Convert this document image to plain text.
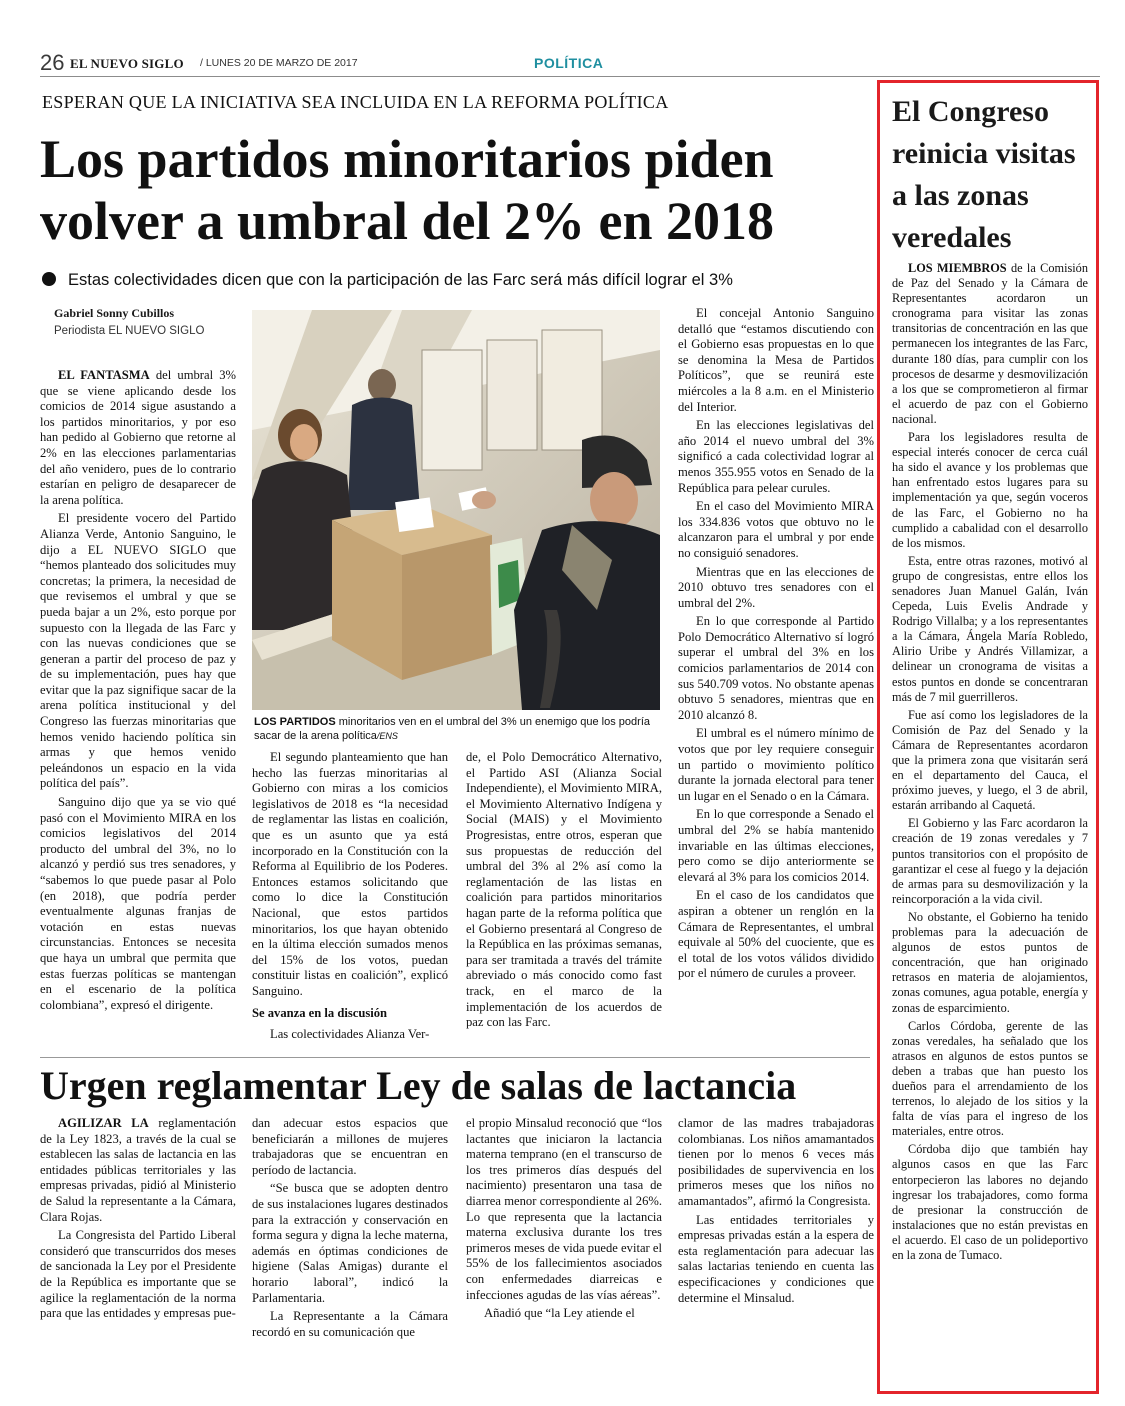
26 EL NUEVO SIGLO / LUNES 20 DE MARZO DE 2017	POLÍTICA
ESPERAN QUE LA INICIATIVA SEA INCLUIDA EN LA REFORMA POLÍTICA
Los partidos minoritarios piden
volver a umbral del 2% en 2018
Estas colectividades dicen que con la participación de las Farc será más difícil lograr el 3%
Gabriel Sonny Cubillos
Periodista EL NUEVO SIGLO

EL FANTASMA del umbral 3% que se viene aplicando desde los comicios de 2014 sigue asustando a los partidos minoritarios, y por eso han pedido al Gobierno que retorne al 2% en las elecciones parlamentarias del año venidero, pues de lo contrario estarían en peligro de desaparecer de la arena política.

El presidente vocero del Partido Alianza Verde, Antonio Sanguino, le dijo a EL NUEVO SIGLO que “hemos planteado dos solicitudes muy concretas; la primera, la necesidad de que revisemos el umbral y que se pueda bajar a un 2%, esto porque por supuesto con la llegada de las Farc y con las nuevas condiciones que se generan a partir del proceso de paz y de su implementación, pues hay que evitar que la paz signifique sacar de la arena política institucional y del Congreso las fuerzas minoritarias que hemos venido haciendo política sin armas y que hemos venido peleándonos un espacio en la vida política del país”.

Sanguino dijo que ya se vio qué pasó con el Movimiento MIRA en los comicios legislativos del 2014 producto del umbral del 3%, no lo alcanzó y perdió sus tres senadores, y “sabemos lo que puede pasar al Polo (en 2018), que podría perder eventualmente algunas franjas de votación en estas nuevas circunstancias. Entonces se necesita que haya un umbral que permita que estas fuerzas políticas se mantengan en el escenario de la política colombiana”, expresó el dirigente.

LOS PARTIDOS minoritarios ven en el umbral del 3% un enemigo que los podría sacar de la arena política/ENS

El segundo planteamiento que han hecho las fuerzas minoritarias al Gobierno con miras a los comicios legislativos de 2018 es “la necesidad de reglamentar las listas en coalición, que es un asunto que ya está incorporado en la Constitución con la Reforma al Equilibrio de los Poderes. Entonces estamos solicitando que como lo dice la Constitución Nacional, que estos partidos minoritarios, los que hayan obtenido en la última elección sumados menos del 15% de los votos, puedan constituir listas en coalición”, explicó Sanguino.

Se avanza en la discusión

Las colectividades Alianza Ver-

de, el Polo Democrático Alternativo, el Partido ASI (Alianza Social Independiente), el Movimiento MIRA, el Movimiento Alternativo Indígena y Social (MAIS) y el Movimiento Progresistas, entre otros, esperan que sus propuestas de reducción del umbral del 3% al 2% así como la reglamentación de las listas en coalición para partidos minoritarios hagan parte de la reforma política que el Gobierno presentará al Congreso de la República en las próximas semanas, para ser tramitada a través del trámite abreviado o más conocido como fast track, en el marco de la implementación de los acuerdos de paz con las Farc.

El concejal Antonio Sanguino detalló que “estamos discutiendo con el Gobierno esas propuestas en lo que se denomina la Mesa de Partidos Políticos”, que se reunirá este miércoles a la 8 a.m. en el Ministerio del Interior.

En las elecciones legislativas del año 2014 el nuevo umbral del 3% significó a cada colectividad lograr al menos 355.955 votos en Senado de la República para pelear curules.

En el caso del Movimiento MIRA los 334.836 votos que obtuvo no le alcanzaron para el umbral y por ende no consiguió senadores.

Mientras que en las elecciones de 2010 obtuvo tres senadores con el umbral del 2%.

En lo que corresponde al Partido Polo Democrático Alternativo sí logró superar el umbral del 3% en los comicios parlamentarios de 2014 con sus 540.709 votos. No obstante apenas obtuvo 5 senadores, mientras que en 2010 alcanzó 8.

El umbral es el número mínimo de votos que por ley requiere conseguir un partido o movimiento político durante la jornada electoral para tener un lugar en el Senado o en la Cámara.

En lo que corresponde a Senado el umbral del 2% se había mantenido invariable en las últimas elecciones, pero como se dijo anteriormente se elevará al 3% para los comicios 2014.

En el caso de los candidatos que aspiran a obtener un renglón en la Cámara de Representantes, el umbral equivale al 50% del cuociente, que es el total de los votos válidos dividido por el número de curules a proveer.

Urgen reglamentar Ley de salas de lactancia

AGILIZAR LA reglamentación de la Ley 1823, a través de la cual se establecen las salas de lactancia en las entidades públicas territoriales y las empresas privadas, pidió al Ministerio de Salud la representante a la Cámara, Clara Rojas.

La Congresista del Partido Liberal consideró que transcurridos dos meses de sancionada la Ley por el Presidente de la República es importante que se agilice la reglamentación de la norma para que las entidades y empresas pue-

dan adecuar estos espacios que beneficiarán a millones de mujeres trabajadoras que se encuentran en período de lactancia.

“Se busca que se adopten dentro de sus instalaciones lugares destinados para la extracción y conservación en forma segura y digna la leche materna, además en óptimas condiciones de higiene (Salas Amigas) durante el horario laboral”, indicó la Parlamentaria.

La Representante a la Cámara recordó en su comunicación que

el propio Minsalud reconoció que “los lactantes que iniciaron la lactancia materna temprano (en el transcurso de los tres primeros días después del nacimiento) presentaron una tasa de diarrea menor correspondiente al 26%. Lo que representa que la lactancia materna exclusiva durante los tres primeros meses de vida puede evitar el 55% de los fallecimientos asociados con enfermedades diarreicas e infecciones agudas de las vías aéreas”.

Añadió que “la Ley atiende el

clamor de las madres trabajadoras colombianas. Los niños amamantados tienen por lo menos 6 veces más posibilidades de supervivencia en los primeros meses que los niños no amamantados”, afirmó la Congresista.

Las entidades territoriales y empresas privadas están a la espera de esta reglamentación para adecuar las salas lactarias teniendo en cuenta las especificaciones y condiciones que determine el Minsalud.

El Congreso
reinicia visitas
a las zonas
veredales

LOS MIEMBROS de la Comisión de Paz del Senado y la Cámara de Representantes acordaron un cronograma para visitar las zonas transitorias de concentración en las que permanecen los integrantes de las Farc, durante 180 días, para cumplir con los procesos de desarme y desmovilización a los que se comprometieron al firmar el acuerdo de paz con el Gobierno nacional.

Para los legisladores resulta de especial interés conocer de cerca cuál ha sido el avance y los problemas que han enfrentado estos lugares para su implementación ya que, según voceros de las Farc, el Gobierno no ha cumplido a cabalidad con el desarrollo de los mismos.

Esta, entre otras razones, motivó al grupo de congresistas, entre ellos los senadores Juan Manuel Galán, Iván Cepeda, Luis Evelis Andrade y Rodrigo Villalba; y a los representantes a la Cámara, Ángela María Robledo, Alirio Uribe y Andrés Villamizar, a delinear un cronograma de visitas a estos puntos en donde se concentraran más de 7 mil guerrilleros.

Fue así como los legisladores de la Comisión de Paz del Senado y la Cámara de Representantes acordaron que la primera zona que visitarán será en el departamento del Cauca, el próximo jueves, y luego, el 3 de abril, estarán arribando al Caquetá.

El Gobierno y las Farc acordaron la creación de 19 zonas veredales y 7 puntos transitorios con el propósito de garantizar el cese al fuego y la dejación de armas para su desmovilización y la reincorporación a la vida civil.

No obstante, el Gobierno ha tenido problemas para la adecuación de algunos de estos puntos de concentración, que han originado retrasos en materia de alojamientos, zonas comunes, agua potable, energía y zonas de esparcimiento.

Carlos Córdoba, gerente de las zonas veredales, ha señalado que los atrasos en algunos de estos puntos se deben a trabas que han puesto los dueños para el arrendamiento de los terrenos, lo alejado de los sitios y la falta de vías para el ingreso de los materiales, entre otros.

Córdoba dijo que también hay algunos casos en que las Farc entorpecieron las labores no dejando ingresar los trabajadores, como forma de presionar la construcción de instalaciones que no están previstas en el acuerdo. El caso de un polideportivo en la zona de Tumaco.
